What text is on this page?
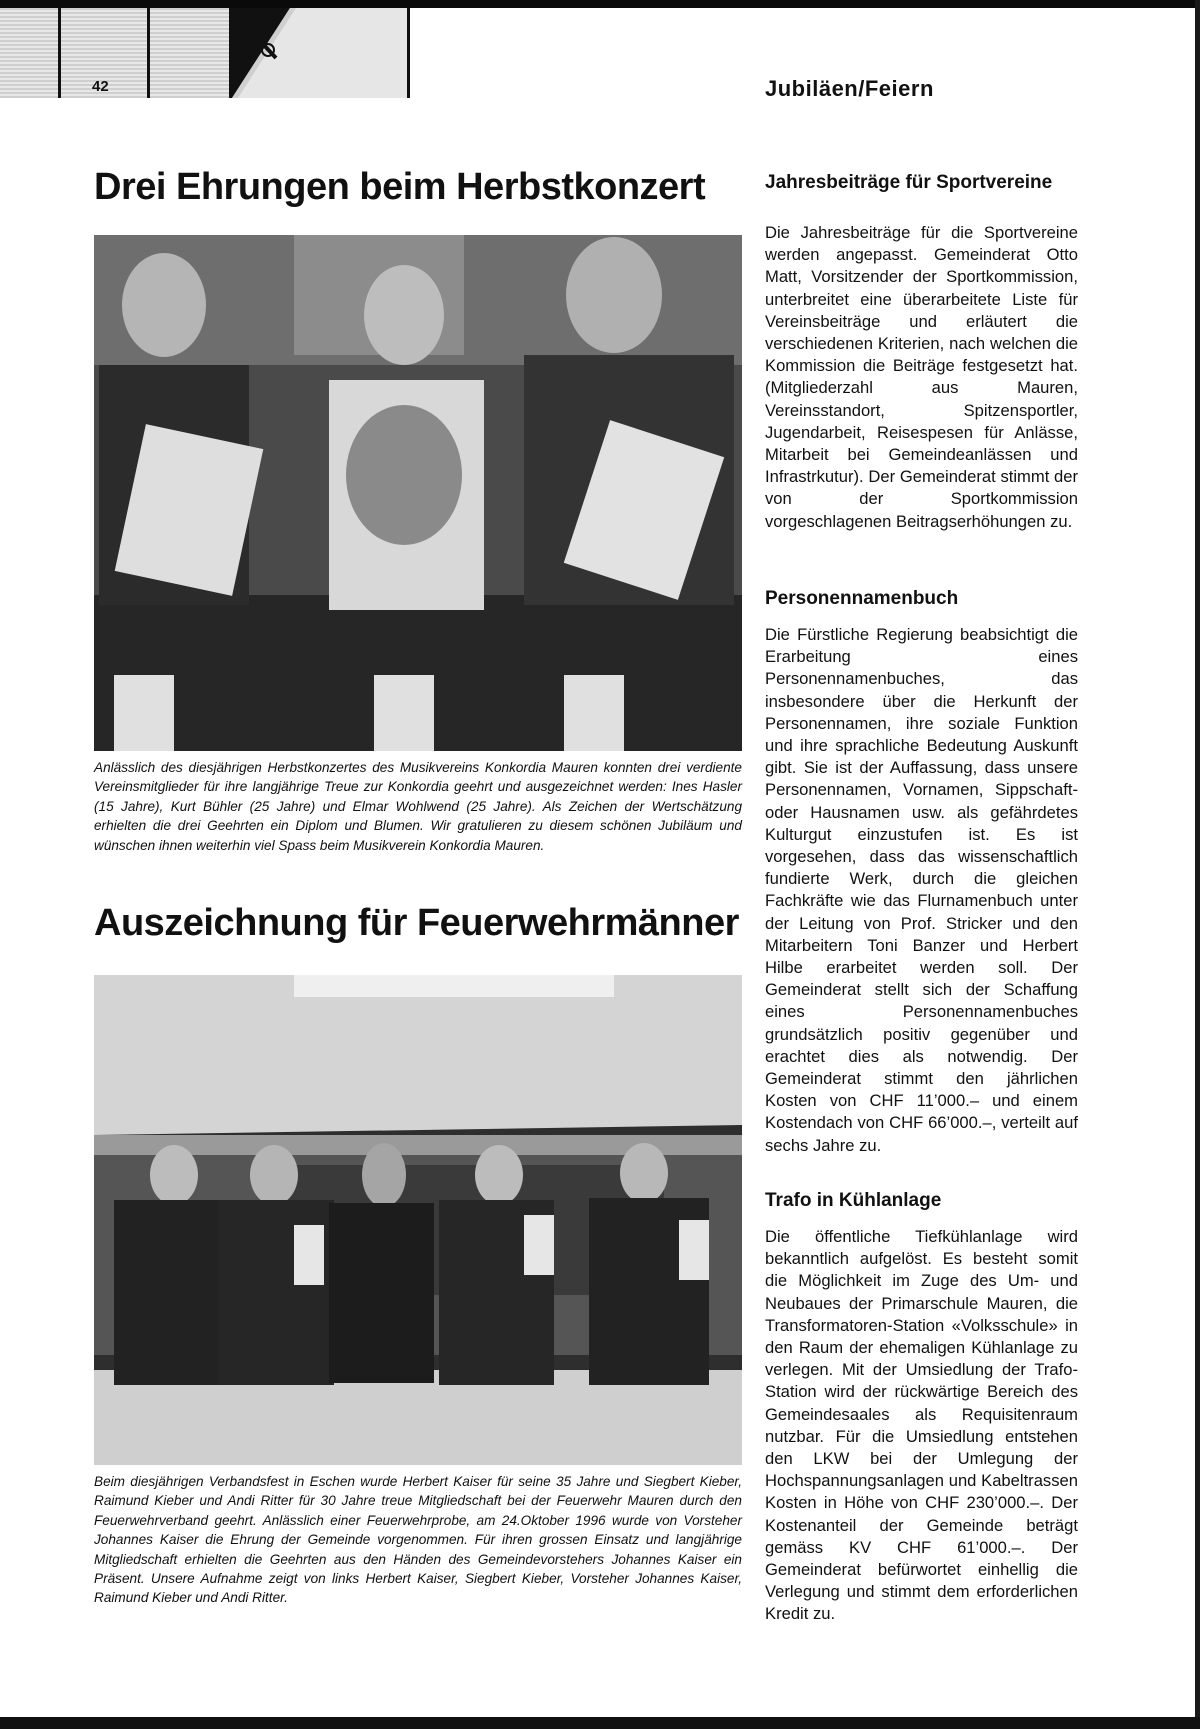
42	Jubiläen/Feiern
Drei Ehrungen beim Herbstkonzert

Anlässlich des diesjährigen Herbstkonzertes des Musikvereins Konkordia Mauren konnten drei verdiente Vereinsmitglieder für ihre langjährige Treue zur Konkordia geehrt und ausgezeichnet werden: Ines Hasler (15 Jahre), Kurt Bühler (25 Jahre) und Elmar Wohlwend (25 Jahre). Als Zeichen der Wertschätzung erhielten die drei Geehrten ein Diplom und Blumen. Wir gratulieren zu diesem schönen Jubiläum und wünschen ihnen weiterhin viel Spass beim Musikverein Konkordia Mauren.

Auszeichnung für Feuerwehrmänner

Beim diesjährigen Verbandsfest in Eschen wurde Herbert Kaiser für seine 35 Jahre und Siegbert Kieber, Raimund Kieber und Andi Ritter für 30 Jahre treue Mitgliedschaft bei der Feuerwehr Mauren durch den Feuerwehrverband geehrt. Anlässlich einer Feuerwehrprobe, am 24.Oktober 1996 wurde von Vorsteher Johannes Kaiser die Ehrung der Gemeinde vorgenommen. Für ihren grossen Einsatz und langjährige Mitgliedschaft erhielten die Geehrten aus den Händen des Gemeindevorstehers Johannes Kaiser ein Präsent. Unsere Aufnahme zeigt von links Herbert Kaiser, Siegbert Kieber, Vorsteher Johannes Kaiser, Raimund Kieber und Andi Ritter.

Jahresbeiträge für Sportvereine

Die Jahresbeiträge für die Sportvereine werden angepasst. Gemeinderat Otto Matt, Vorsitzender der Sportkommission, unterbreitet eine überarbeitete Liste für Vereinsbeiträge und erläutert die verschiedenen Kriterien, nach welchen die Kommission die Beiträge festgesetzt hat. (Mitgliederzahl aus Mauren, Vereinsstandort, Spitzensportler, Jugendarbeit, Reisespesen für Anlässe, Mitarbeit bei Gemeindeanlässen und Infrastrkutur). Der Gemeinderat stimmt der von der Sportkommission vorgeschlagenen Beitragserhöhungen zu.

Personennamenbuch

Die Fürstliche Regierung beabsichtigt die Erarbeitung eines Personennamenbuches, das insbesondere über die Herkunft der Personennamen, ihre soziale Funktion und ihre sprachliche Bedeutung Auskunft gibt. Sie ist der Auffassung, dass unsere Personennamen, Vornamen, Sippschaft- oder Hausnamen usw. als gefährdetes Kulturgut einzustufen ist. Es ist vorgesehen, dass das wissenschaftlich fundierte Werk, durch die gleichen Fachkräfte wie das Flurnamenbuch unter der Leitung von Prof. Stricker und den Mitarbeitern Toni Banzer und Herbert Hilbe erarbeitet werden soll. Der Gemeinderat stellt sich der Schaffung eines Personennamenbuches grundsätzlich positiv gegenüber und erachtet dies als notwendig. Der Gemeinderat stimmt den jährlichen Kosten von CHF 11’000.– und einem Kostendach von CHF 66’000.–, verteilt auf sechs Jahre zu.

Trafo in Kühlanlage

Die öffentliche Tiefkühlanlage wird bekanntlich aufgelöst. Es besteht somit die Möglichkeit im Zuge des Um- und Neubaues der Primarschule Mauren, die Transformatoren-Station «Volksschule» in den Raum der ehemaligen Kühlanlage zu verlegen. Mit der Umsiedlung der Trafo-Station wird der rückwärtige Bereich des Gemeindesaales als Requisitenraum nutzbar. Für die Umsiedlung entstehen den LKW bei der Umlegung der Hochspannungsanlagen und Kabeltrassen Kosten in Höhe von CHF 230’000.–. Der Kostenanteil der Gemeinde beträgt gemäss KV CHF 61’000.–. Der Gemeinderat befürwortet einhellig die Verlegung und stimmt dem erforderlichen Kredit zu.
